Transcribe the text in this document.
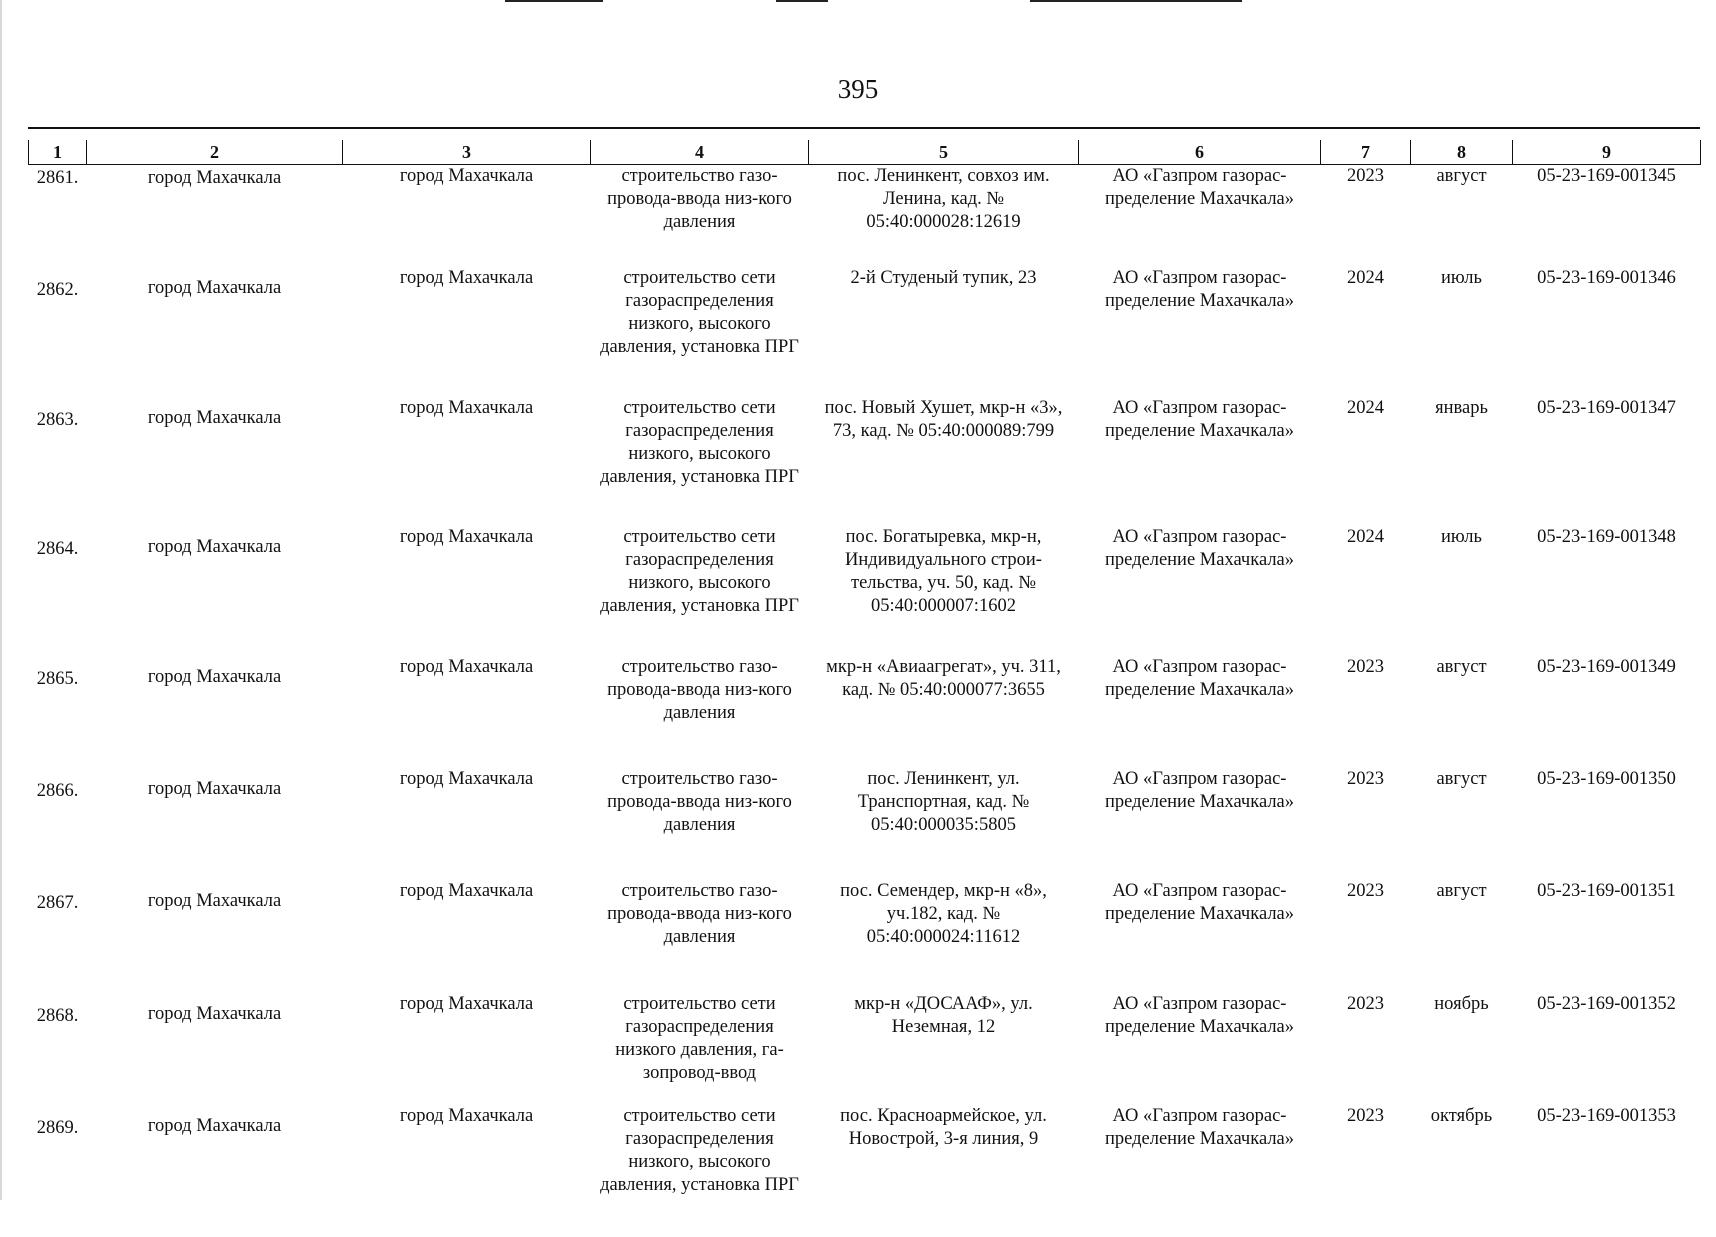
395
1	2	3	4	5	6	7	8	9
2861.	город Махачкала	город Махачкала	строительство газо-провода-ввода низ-кого давления	пос. Ленинкент, совхоз им. Ленина, кад. № 05:40:000028:12619	АО «Газпром газорас-пределение Махачкала»	2023	август	05-23-169-001345
2862.	город Махачкала	город Махачкала	строительство сети газораспределения низкого, высокого давления, установка ПРГ	2-й Студеный тупик, 23	АО «Газпром газорас-пределение Махачкала»	2024	июль	05-23-169-001346
2863.	город Махачкала	город Махачкала	строительство сети газораспределения низкого, высокого давления, установка ПРГ	пос. Новый Хушет, мкр-н «3», 73, кад. № 05:40:000089:799	АО «Газпром газорас-пределение Махачкала»	2024	январь	05-23-169-001347
2864.	город Махачкала	город Махачкала	строительство сети газораспределения низкого, высокого давления, установка ПРГ	пос. Богатыревка, мкр-н, Индивидуального строи-тельства, уч. 50, кад. № 05:40:000007:1602	АО «Газпром газорас-пределение Махачкала»	2024	июль	05-23-169-001348
2865.	город Махачкала	город Махачкала	строительство газо-провода-ввода низ-кого давления	мкр-н «Авиаагрегат», уч. 311, кад. № 05:40:000077:3655	АО «Газпром газорас-пределение Махачкала»	2023	август	05-23-169-001349
2866.	город Махачкала	город Махачкала	строительство газо-провода-ввода низ-кого давления	пос. Ленинкент, ул. Транспортная, кад. № 05:40:000035:5805	АО «Газпром газорас-пределение Махачкала»	2023	август	05-23-169-001350
2867.	город Махачкала	город Махачкала	строительство газо-провода-ввода низ-кого давления	пос. Семендер, мкр-н «8», уч.182, кад. № 05:40:000024:11612	АО «Газпром газорас-пределение Махачкала»	2023	август	05-23-169-001351
2868.	город Махачкала	город Махачкала	строительство сети газораспределения низкого давления, га-зопровод-ввод	мкр-н «ДОСААФ», ул. Неземная, 12	АО «Газпром газорас-пределение Махачкала»	2023	ноябрь	05-23-169-001352
2869.	город Махачкала	город Махачкала	строительство сети газораспределения низкого, высокого давления, установка ПРГ	пос. Красноармейское, ул. Новострой, 3-я линия, 9	АО «Газпром газорас-пределение Махачкала»	2023	октябрь	05-23-169-001353
